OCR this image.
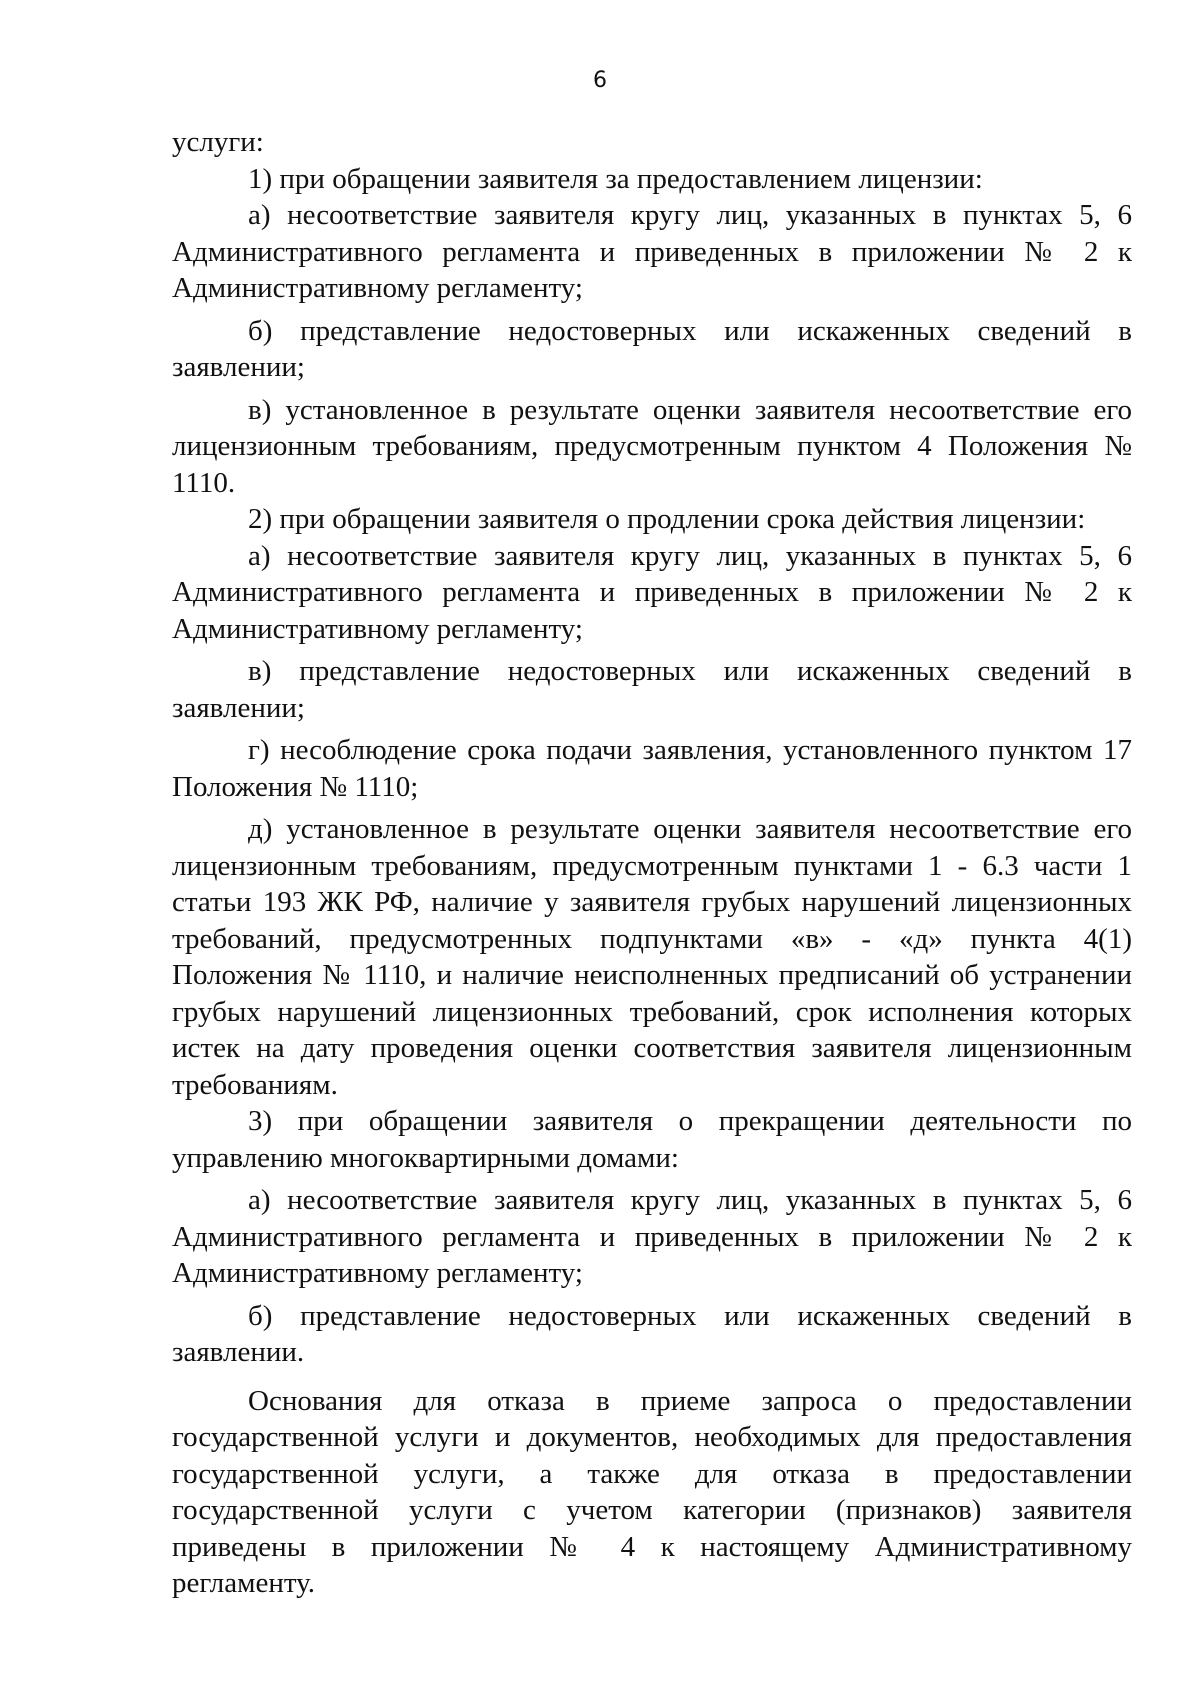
6

услуги:

1) при обращении заявителя за предоставлением лицензии:

а) несоответствие заявителя кругу лиц, указанных в пунктах 5, 6 Административного регламента и приведенных в приложении № 2 к Административному регламенту;

б) представление недостоверных или искаженных сведений в заявлении;

в) установленное в результате оценки заявителя несоответствие его лицензионным требованиям, предусмотренным пунктом 4 Положения № 1110.

2) при обращении заявителя о продлении срока действия лицензии:

а) несоответствие заявителя кругу лиц, указанных в пунктах 5, 6 Административного регламента и приведенных в приложении № 2 к Административному регламенту;

в) представление недостоверных или искаженных сведений в заявлении;

г) несоблюдение срока подачи заявления, установленного пунктом 17 Положения № 1110;

д) установленное в результате оценки заявителя несоответствие его лицензионным требованиям, предусмотренным пунктами 1 - 6.3 части 1 статьи 193 ЖК РФ, наличие у заявителя грубых нарушений лицензионных требований, предусмотренных подпунктами «в» - «д» пункта 4(1) Положения № 1110, и наличие неисполненных предписаний об устранении грубых нарушений лицензионных требований, срок исполнения которых истек на дату проведения оценки соответствия заявителя лицензионным требованиям.

3) при обращении заявителя о прекращении деятельности по управлению многоквартирными домами:

а) несоответствие заявителя кругу лиц, указанных в пунктах 5, 6 Административного регламента и приведенных в приложении № 2 к Административному регламенту;

б) представление недостоверных или искаженных сведений в заявлении.

Основания для отказа в приеме запроса о предоставлении государственной услуги и документов, необходимых для предоставления государственной услуги, а также для отказа в предоставлении государственной услуги с учетом категории (признаков) заявителя приведены в приложении № 4 к настоящему Административному регламенту.
